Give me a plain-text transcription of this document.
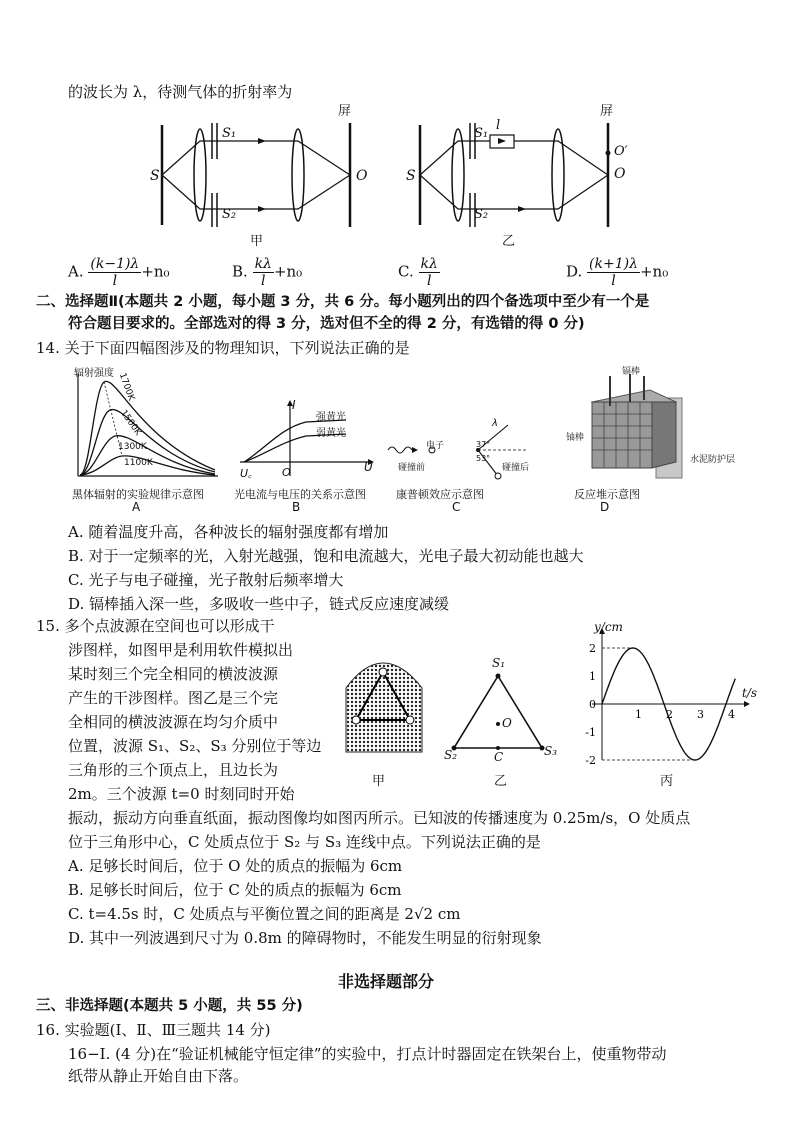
的波长为 λ，待测气体的折射率为
S
S₁
S₂
O
屏
甲
S
S₁
S₂
l
O′
O
屏
乙
A. $\frac{(k-1)\lambda}{l} +n_0$	B. $\frac{k\lambda}{l} +n_0$	C. $\frac{k\lambda}{l}$	D. $\frac{(k+1)\lambda}{l} +n_0$
二、选择题Ⅱ(本题共 2 小题，每小题 3 分，共 6 分。每小题列出的四个备选项中至少有一个是
符合题目要求的。全部选对的得 3 分，选对但不全的得 2 分，有选错的得 0 分)
14. 关于下面四幅图涉及的物理知识，下列说法正确的是
辐射强度 1700K
1500K
1300K
1100K
黑体辐射的实验规律示意图
A
I
U
U꜀	O
强黄光
弱黄光
光电流与电压的关系示意图
B
电子
碰撞前	碰撞后
λ
37°
53°
康普顿效应示意图
C
镉棒
铀棒
水泥防护层
反应堆示意图
D
A. 随着温度升高，各种波长的辐射强度都有增加
B. 对于一定频率的光，入射光越强，饱和电流越大，光电子最大初动能也越大
C. 光子与电子碰撞，光子散射后频率增大
D. 镉棒插入深一些，多吸收一些中子，链式反应速度减缓
15. 多个点波源在空间也可以形成干
涉图样，如图甲是利用软件模拟出
某时刻三个完全相同的横波波源
产生的干涉图样。图乙是三个完
全相同的横波波源在均匀介质中
位置，波源 S₁、S₂、S₃ 分别位于等边
三角形的三个顶点上，且边长为
2m。三个波源 t=0 时刻同时开始
振动，振动方向垂直纸面，振动图像均如图丙所示。已知波的传播速度为 0.25m/s，O 处质点
位于三角形中心，C 处质点位于 S₂ 与 S₃ 连线中点。下列说法正确的是
甲
S₁
S₂	S₃
O
C
乙
2
1
0
-1
-2
1 2 3 4
y/cm
t/s
丙
A. 足够长时间后，位于 O 处的质点的振幅为 6cm
B. 足够长时间后，位于 C 处的质点的振幅为 6cm
C. t=4.5s 时，C 处质点与平衡位置之间的距离是 2√2 cm
D. 其中一列波遇到尺寸为 0.8m 的障碍物时，不能发生明显的衍射现象
非选择题部分
三、非选择题(本题共 5 小题，共 55 分)
16. 实验题(Ⅰ、Ⅱ、Ⅲ三题共 14 分)
16−Ⅰ. (4 分)在“验证机械能守恒定律”的实验中，打点计时器固定在铁架台上，使重物带动
纸带从静止开始自由下落。
